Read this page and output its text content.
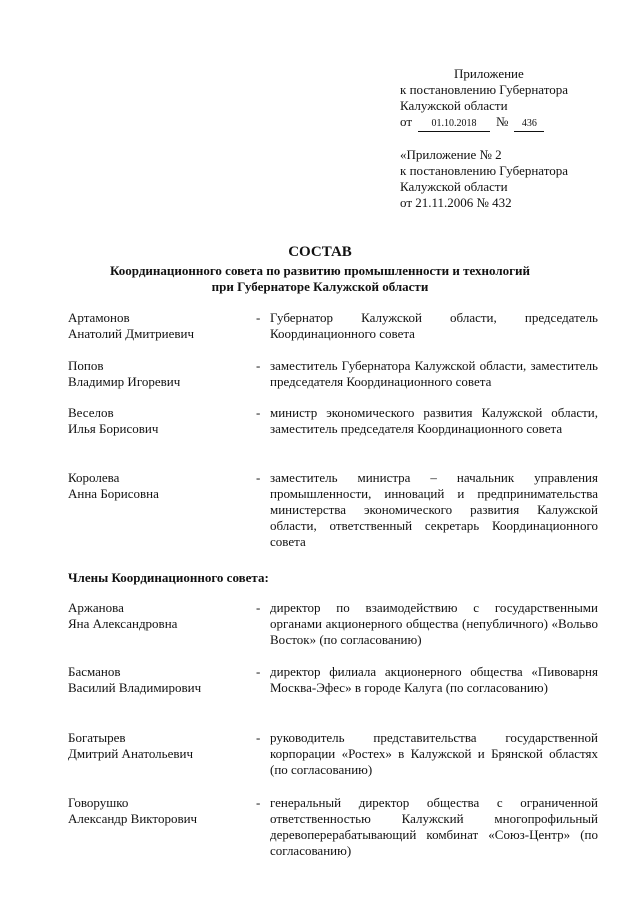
Приложение
к постановлению Губернатора
Калужской области
от 01.10.2018 № 436
«Приложение № 2
к постановлению Губернатора
Калужской области
от 21.11.2006 № 432
СОСТАВ
Координационного совета по развитию промышленности и технологий
при Губернаторе Калужской области
Артамонов
Анатолий Дмитриевич
- Губернатор Калужской области, председатель Координационного совета
Попов
Владимир Игоревич
- заместитель Губернатора Калужской области, заместитель председателя Координационного совета
Веселов
Илья Борисович
- министр экономического развития Калужской области, заместитель председателя Координационного совета
Королева
Анна Борисовна
- заместитель министра – начальник управления промышленности, инноваций и предпринимательства министерства экономического развития Калужской области, ответственный секретарь Координационного совета
Члены Координационного совета:
Аржанова
Яна Александровна
- директор по взаимодействию с государственными органами акционерного общества (непубличного) «Вольво Восток» (по согласованию)
Басманов
Василий Владимирович
- директор филиала акционерного общества «Пивоварня Москва-Эфес» в городе Калуга (по согласованию)
Богатырев
Дмитрий Анатольевич
- руководитель представительства государственной корпорации «Ростех» в Калужской и Брянской областях (по согласованию)
Говорушко
Александр Викторович
- генеральный директор общества с ограниченной ответственностью Калужский многопрофильный деревоперерабатывающий комбинат «Союз-Центр» (по согласованию)
